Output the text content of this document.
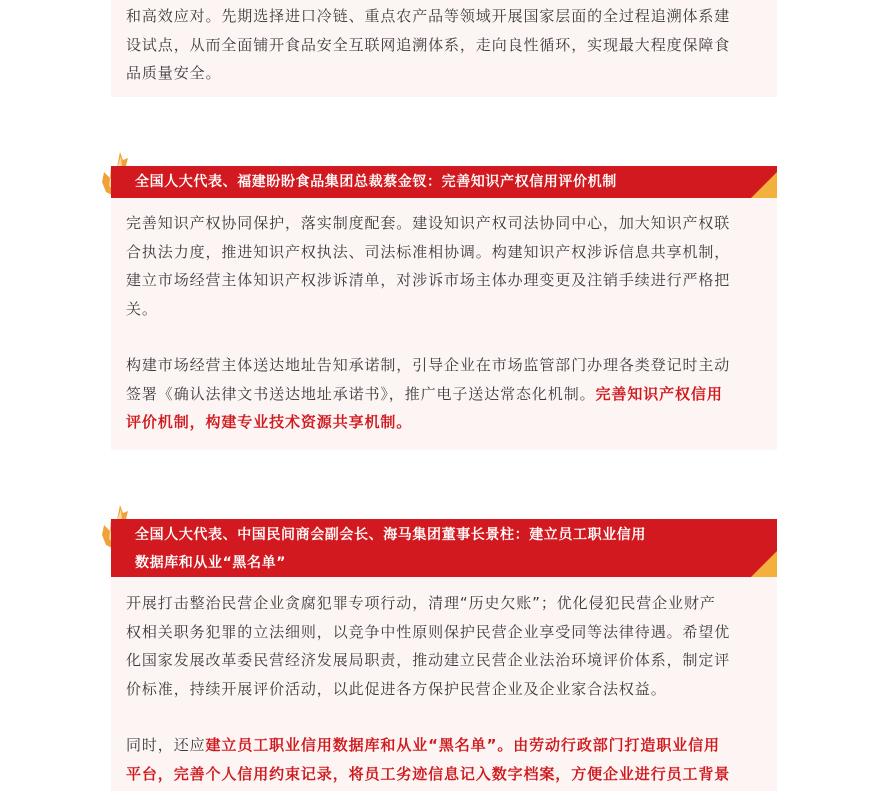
和高效应对。先期选择进口冷链、重点农产品等领域开展国家层面的全过程追溯体系建
设试点，从而全面铺开食品安全互联网追溯体系，走向良性循环，实现最大程度保障食
品质量安全。

全国人大代表、福建盼盼食品集团总裁蔡金钗：完善知识产权信用评价机制

完善知识产权协同保护，落实制度配套。建设知识产权司法协同中心，加大知识产权联
合执法力度，推进知识产权执法、司法标准相协调。构建知识产权涉诉信息共享机制，
建立市场经营主体知识产权涉诉清单，对涉诉市场主体办理变更及注销手续进行严格把
关。

构建市场经营主体送达地址告知承诺制，引导企业在市场监管部门办理各类登记时主动
签署《确认法律文书送达地址承诺书》，推广电子送达常态化机制。完善知识产权信用
评价机制，构建专业技术资源共享机制。

全国人大代表、中国民间商会副会长、海马集团董事长景柱：建立员工职业信用
数据库和从业“黑名单”

开展打击整治民营企业贪腐犯罪专项行动，清理“历史欠账”；优化侵犯民营企业财产
权相关职务犯罪的立法细则，以竞争中性原则保护民营企业享受同等法律待遇。希望优
化国家发展改革委民营经济发展局职责，推动建立民营企业法治环境评价体系，制定评
价标准，持续开展评价活动，以此促进各方保护民营企业及企业家合法权益。

同时，还应建立员工职业信用数据库和从业“黑名单”。由劳动行政部门打造职业信用
平台，完善个人信用约束记录，将员工劣迹信息记入数字档案，方便企业进行员工背景
